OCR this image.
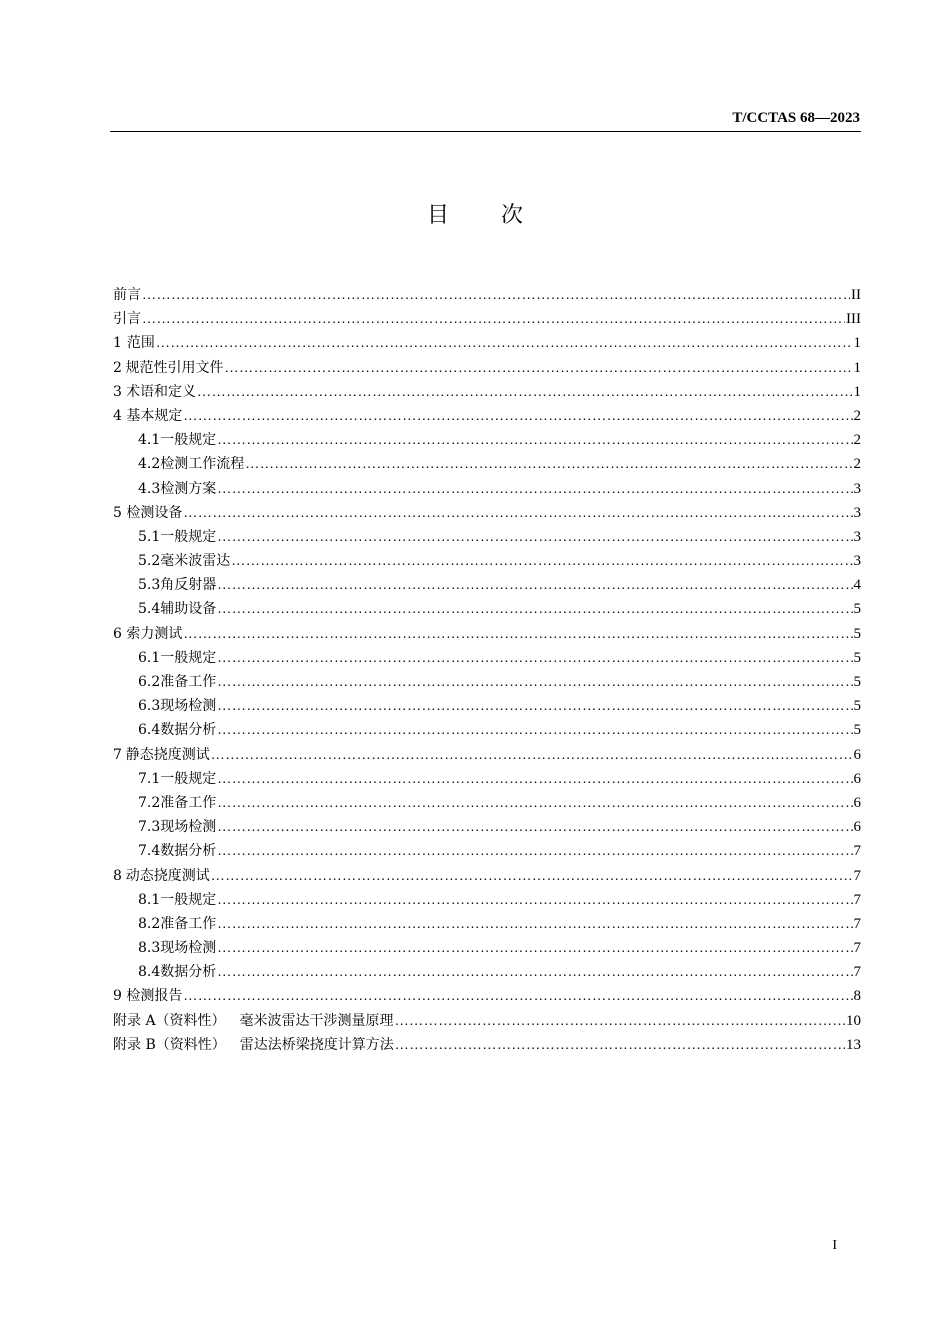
T/CCTAS 68—2023
目 次
前言 ……………………………………………………………………………………………………………………………………………………………………………………………………………………………………	II
引言 ……………………………………………………………………………………………………………………………………………………………………………………………………………………………………	III
1 范围 ……………………………………………………………………………………………………………………………………………………………………………………………………………………………………	1
2 规范性引用文件 ……………………………………………………………………………………………………………………………………………………………………………………………………………………………………	1
3 术语和定义 ……………………………………………………………………………………………………………………………………………………………………………………………………………………………………	1
4 基本规定 ……………………………………………………………………………………………………………………………………………………………………………………………………………………………………	2
4.1 一般规定 ……………………………………………………………………………………………………………………………………………………………………………………………………………………………………	2
4.2 检测工作流程 ……………………………………………………………………………………………………………………………………………………………………………………………………………………………………	2
4.3 检测方案 ……………………………………………………………………………………………………………………………………………………………………………………………………………………………………	3
5 检测设备 ……………………………………………………………………………………………………………………………………………………………………………………………………………………………………	3
5.1 一般规定 ……………………………………………………………………………………………………………………………………………………………………………………………………………………………………	3
5.2 毫米波雷达 ……………………………………………………………………………………………………………………………………………………………………………………………………………………………………	3
5.3 角反射器 ……………………………………………………………………………………………………………………………………………………………………………………………………………………………………	4
5.4 辅助设备 ……………………………………………………………………………………………………………………………………………………………………………………………………………………………………	5
6 索力测试 ……………………………………………………………………………………………………………………………………………………………………………………………………………………………………	5
6.1 一般规定 ……………………………………………………………………………………………………………………………………………………………………………………………………………………………………	5
6.2 准备工作 ……………………………………………………………………………………………………………………………………………………………………………………………………………………………………	5
6.3 现场检测 ……………………………………………………………………………………………………………………………………………………………………………………………………………………………………	5
6.4 数据分析 ……………………………………………………………………………………………………………………………………………………………………………………………………………………………………	5
7 静态挠度测试 ……………………………………………………………………………………………………………………………………………………………………………………………………………………………………	6
7.1 一般规定 ……………………………………………………………………………………………………………………………………………………………………………………………………………………………………	6
7.2 准备工作 ……………………………………………………………………………………………………………………………………………………………………………………………………………………………………	6
7.3 现场检测 ……………………………………………………………………………………………………………………………………………………………………………………………………………………………………	6
7.4 数据分析 ……………………………………………………………………………………………………………………………………………………………………………………………………………………………………	7
8 动态挠度测试 ……………………………………………………………………………………………………………………………………………………………………………………………………………………………………	7
8.1 一般规定 ……………………………………………………………………………………………………………………………………………………………………………………………………………………………………	7
8.2 准备工作 ……………………………………………………………………………………………………………………………………………………………………………………………………………………………………	7
8.3 现场检测 ……………………………………………………………………………………………………………………………………………………………………………………………………………………………………	7
8.4 数据分析 ……………………………………………………………………………………………………………………………………………………………………………………………………………………………………	7
9 检测报告 ……………………………………………………………………………………………………………………………………………………………………………………………………………………………………	8
附录 A（资料性） 毫米波雷达干涉测量原理 ……………………………………………………………………………………………………………………………………………………………………………………………………………………………………	10
附录 B（资料性） 雷达法桥梁挠度计算方法 ……………………………………………………………………………………………………………………………………………………………………………………………………………………………………	13
I
